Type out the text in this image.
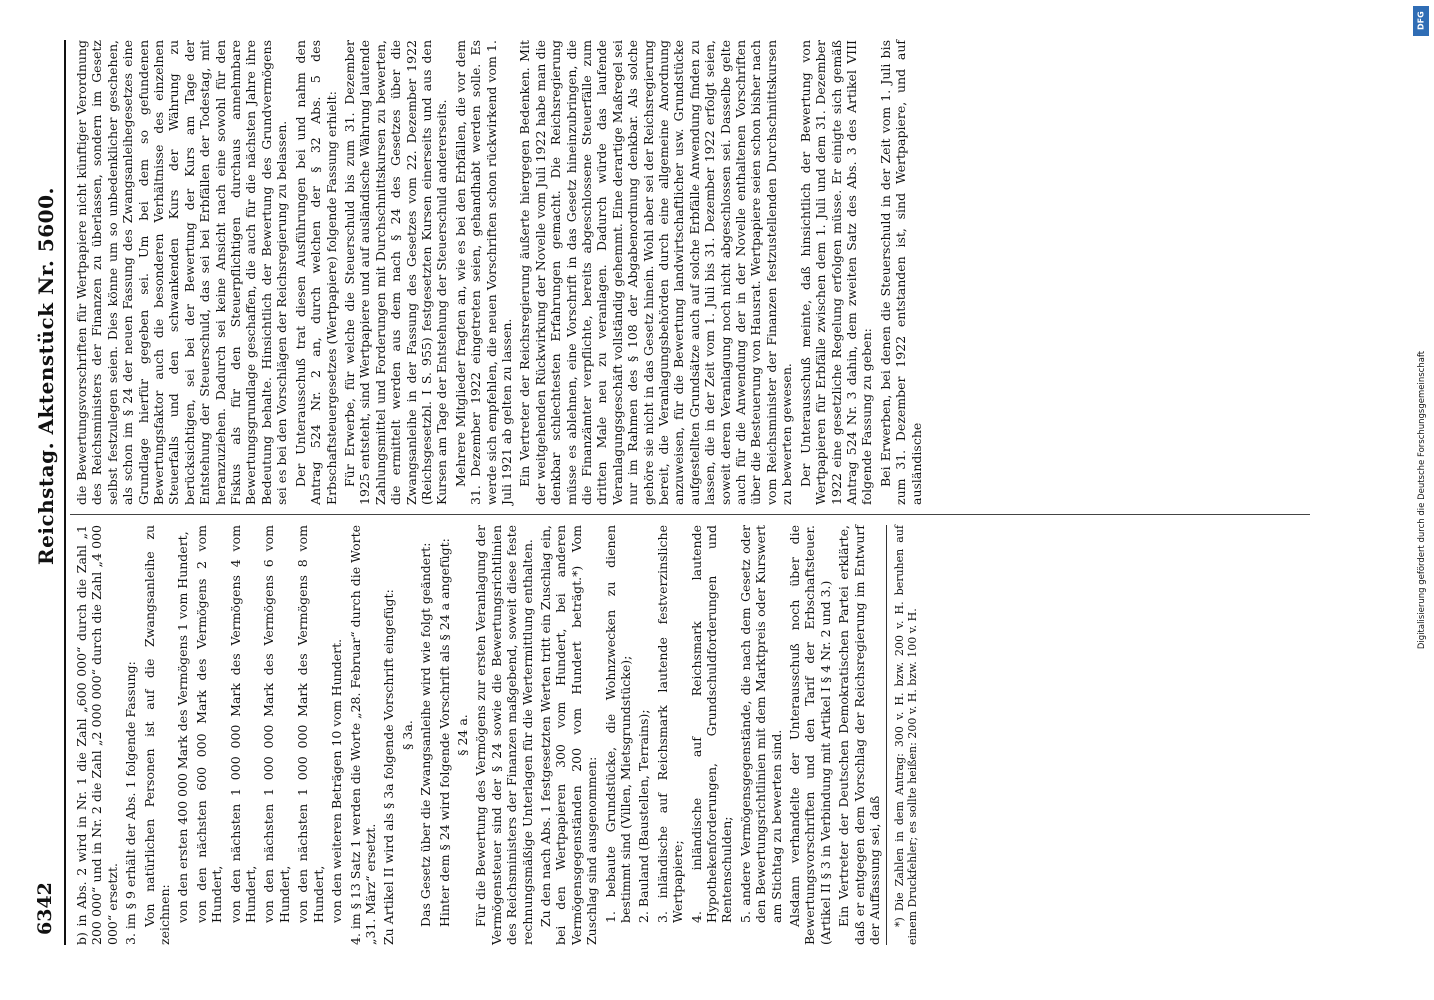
6342
Reichstag. Aktenstück Nr. 5600.

b) in Abs. 2 wird in Nr. 1 die Zahl „600 000“ durch die Zahl „1 200 000“ und in Nr. 2 die Zahl „2 000 000“ durch die Zahl „4 000 000“ ersetzt. 3. im § 9 erhält der Abs. 1 folgende Fassung: Von natürlichen Personen ist auf die Zwangsanleihe zu zeichnen: von den ersten 400 000 Mark des Vermögens 1 vom Hundert, von den nächsten 600 000 Mark des Vermögens 2 vom Hundert, von den nächsten 1 000 000 Mark des Vermögens 4 vom Hundert, von den nächsten 1 000 000 Mark des Vermögens 6 vom Hundert, von den nächsten 1 000 000 Mark des Vermögens 8 vom Hundert, von den weiteren Beträgen 10 vom Hundert. 4. im § 13 Satz 1 werden die Worte „28. Februar“ durch die Worte „31. März“ ersetzt. Zu Artikel II wird als § 3a folgende Vorschrift eingefügt: § 3a. Das Gesetz über die Zwangsanleihe wird wie folgt geändert: Hinter dem § 24 wird folgende Vorschrift als § 24 a angefügt: § 24 a. Für die Bewertung des Vermögens zur ersten Veranlagung der Vermögensteuer sind der § 24 sowie die Bewertungsrichtlinien des Reichsministers der Finanzen maßgebend, soweit diese feste rechnungsmäßige Unterlagen für die Wertermittlung enthalten. Zu den nach Abs. 1 festgesetzten Werten tritt ein Zuschlag ein, bei den Wertpapieren 300 vom Hundert, bei anderen Vermögensgegenständen 200 vom Hundert beträgt.*) Vom Zuschlag sind ausgenommen: 1. bebaute Grundstücke, die Wohnzwecken zu dienen bestimmt sind (Villen, Mietsgrundstücke); 2. Bauland (Baustellen, Terrains); 3. inländische auf Reichsmark lautende festverzinsliche Wertpapiere; 4. inländische auf Reichsmark lautende Hypothekenforderungen, Grundschuldforderungen und Rentenschulden; 5. andere Vermögensgegenstände, die nach dem Gesetz oder den Bewertungsrichtlinien mit dem Marktpreis oder Kurswert am Stichtag zu bewerten sind. Alsdann verhandelte der Unterausschuß noch über die Bewertungsvorschriften und den Tarif der Erbschaftsteuer. (Artikel II § 3 in Verbindung mit Artikel I § 4 Nr. 2 und 3.) Ein Vertreter der Deutschen Demokratischen Partei erklärte, daß er entgegen dem Vorschlag der Reichsregierung im Entwurf der Auffassung sei, daß *) Die Zahlen in dem Antrag: 300 v. H. bzw. 200 v. H. beruhen auf einem Druckfehler; es sollte heißen: 200 v. H. bzw. 100 v. H.

die Bewertungsvorschriften für Wertpapiere nicht künftiger Verordnung des Reichsministers der Finanzen zu überlassen, sondern im Gesetz selbst festzulegen seien. Dies könne um so unbedenklicher geschehen, als schon im § 24 der neuen Fassung des Zwangsanleihegesetzes eine Grundlage hierfür gegeben sei. Um bei dem so gefundenen Bewertungsfaktor auch die besonderen Verhältnisse des einzelnen Steuerfalls und den schwankenden Kurs der Währung zu berücksichtigen, sei bei der Bewertung der Kurs am Tage der Entstehung der Steuerschuld, das sei bei Erbfällen der Todestag, mit heranzuziehen. Dadurch sei keine Ansicht nach eine sowohl für den Fiskus als für den Steuerpflichtigen durchaus annehmbare Bewertungsgrundlage geschaffen, die auch für die nächsten Jahre ihre Bedeutung behalte. Hinsichtlich der Bewertung des Grundvermögens sei es bei den Vorschlägen der Reichsregierung zu belassen. Der Unterausschuß trat diesen Ausführungen bei und nahm den Antrag 524 Nr. 2 an, durch welchen der § 32 Abs. 5 des Erbschaftsteuergesetzes (Wertpapiere) folgende Fassung erhielt: Für Erwerbe, für welche die Steuerschuld bis zum 31. Dezember 1925 entsteht, sind Wertpapiere und auf ausländische Währung lautende Zahlungsmittel und Forderungen mit Durchschnittskursen zu bewerten, die ermittelt werden aus dem nach § 24 des Gesetzes über die Zwangsanleihe in der Fassung des Gesetzes vom 22. Dezember 1922 (Reichsgesetzbl. I S. 955) festgesetzten Kursen einerseits und aus den Kursen am Tage der Entstehung der Steuerschuld andererseits. Mehrere Mitglieder fragten an, wie es bei den Erbfällen, die vor dem 31. Dezember 1922 eingetreten seien, gehandhabt werden solle. Es werde sich empfehlen, die neuen Vorschriften schon rückwirkend vom 1. Juli 1921 ab gelten zu lassen. Ein Vertreter der Reichsregierung äußerte hiergegen Bedenken. Mit der weitgehenden Rückwirkung der Novelle vom Juli 1922 habe man die denkbar schlechtesten Erfahrungen gemacht. Die Reichsregierung müsse es ablehnen, eine Vorschrift in das Gesetz hineinzubringen, die die Finanzämter verpflichte, bereits abgeschlossene Steuerfälle zum dritten Male neu zu veranlagen. Dadurch würde das laufende Veranlagungsgeschäft vollständig gehemmt. Eine derartige Maßregel sei nur im Rahmen des § 108 der Abgabenordnung denkbar. Als solche gehöre sie nicht in das Gesetz hinein. Wohl aber sei der Reichsregierung bereit, die Veranlagungsbehörden durch eine allgemeine Anordnung anzuweisen, für die Bewertung landwirtschaftlicher usw. Grundstücke aufgestellten Grundsätze auch auf solche Erbfälle Anwendung finden zu lassen, die in der Zeit vom 1. Juli bis 31. Dezember 1922 erfolgt seien, soweit deren Veranlagung noch nicht abgeschlossen sei. Dasselbe gelte auch für die Anwendung der in der Novelle enthaltenen Vorschriften über die Besteuerung von Hausrat. Wertpapiere seien schon bisher nach vom Reichsminister der Finanzen festzustellenden Durchschnittskursen zu bewerten gewesen. Der Unterausschuß meinte, daß hinsichtlich der Bewertung von Wertpapieren für Erbfälle zwischen dem 1. Juli und dem 31. Dezember 1922 eine gesetzliche Regelung erfolgen müsse. Er einigte sich gemäß Antrag 524 Nr. 3 dahin, dem zweiten Satz des Abs. 3 des Artikel VIII folgende Fassung zu geben: Bei Erwerben, bei denen die Steuerschuld in der Zeit vom 1. Juli bis zum 31. Dezember 1922 entstanden ist, sind Wertpapiere, und auf ausländische	Digitalisierung gefördert durch die Deutsche Forschungsgemeinschaft
DFG
